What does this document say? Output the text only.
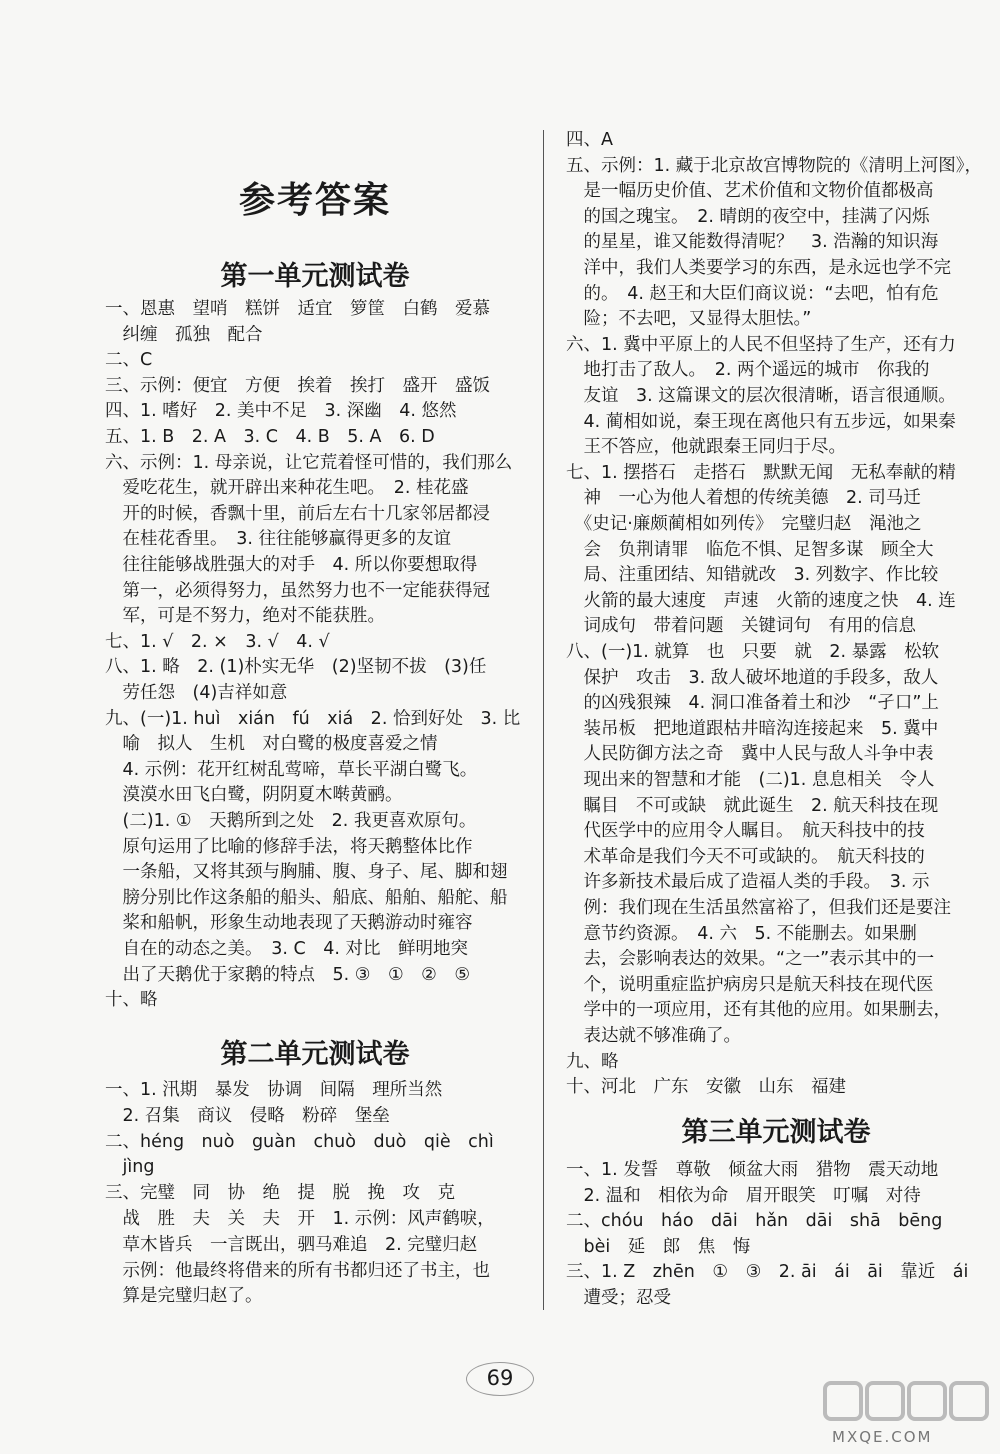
参考答案
第一单元测试卷
一、恩惠　望哨　糕饼　适宜　箩筐　白鹤　爱慕
　纠缠　孤独　配合
二、C
三、示例：便宜　方便　挨着　挨打　盛开　盛饭
四、1. 嗜好　2. 美中不足　3. 深幽　4. 悠然
五、1. B　2. A　3. C　4. B　5. A　6. D
六、示例：1. 母亲说，让它荒着怪可惜的，我们那么
　爱吃花生，就开辟出来种花生吧。　2. 桂花盛
　开的时候，香飘十里，前后左右十几家邻居都浸
　在桂花香里。　3. 往往能够赢得更多的友谊
　往往能够战胜强大的对手　4. 所以你要想取得
　第一，必须得努力，虽然努力也不一定能获得冠
　军，可是不努力，绝对不能获胜。
七、1. √　2. ×　3. √　4. √
八、1. 略　2. (1)朴实无华　(2)坚韧不拔　(3)任
　劳任怨　(4)吉祥如意
九、(一)1. huì　xián　fú　xiá　2. 恰到好处　3. 比
　喻　拟人　生机　对白鹭的极度喜爱之情
　4. 示例：花开红树乱莺啼，草长平湖白鹭飞。
　漠漠水田飞白鹭，阴阴夏木啭黄鹂。
　(二)1. ①　天鹅所到之处　2. 我更喜欢原句。
　原句运用了比喻的修辞手法，将天鹅整体比作
　一条船，又将其颈与胸脯、腹、身子、尾、脚和翅
　膀分别比作这条船的船头、船底、船舶、船舵、船
　桨和船帆，形象生动地表现了天鹅游动时雍容
　自在的动态之美。　3. C　4. 对比　鲜明地突
　出了天鹅优于家鹅的特点　5. ③　①　②　⑤
十、略
第二单元测试卷
一、1. 汛期　暴发　协调　间隔　理所当然
　2. 召集　商议　侵略　粉碎　堡垒
二、héng　nuò　guàn　chuò　duò　qiè　chì
　jìng
三、完璧　同　协　绝　提　脱　挽　攻　克
　战　胜　夫　关　夫　开　1. 示例：风声鹤唳，
　草木皆兵　一言既出，驷马难追　2. 完璧归赵
　示例：他最终将借来的所有书都归还了书主，也
　算是完璧归赵了。
四、A
五、示例：1. 藏于北京故宫博物院的《清明上河图》，
　是一幅历史价值、艺术价值和文物价值都极高
　的国之瑰宝。　2. 晴朗的夜空中，挂满了闪烁
　的星星，谁又能数得清呢？　3. 浩瀚的知识海
　洋中，我们人类要学习的东西，是永远也学不完
　的。　4. 赵王和大臣们商议说：“去吧，怕有危
　险；不去吧，又显得太胆怯。”
六、1. 冀中平原上的人民不但坚持了生产，还有力
　地打击了敌人。　2. 两个遥远的城市　你我的
　友谊　3. 这篇课文的层次很清晰，语言很通顺。
　4. 蔺相如说，秦王现在离他只有五步远，如果秦
　王不答应，他就跟秦王同归于尽。
七、1. 摆搭石　走搭石　默默无闻　无私奉献的精
　神　一心为他人着想的传统美德　2. 司马迁
　《史记·廉颇蔺相如列传》　完璧归赵　渑池之
　会　负荆请罪　临危不惧、足智多谋　顾全大
　局、注重团结、知错就改　3. 列数字、作比较
　火箭的最大速度　声速　火箭的速度之快　4. 连
　词成句　带着问题　关键词句　有用的信息
八、(一)1. 就算　也　只要　就　2. 暴露　松软
　保护　攻击　3. 敌人破坏地道的手段多，敌人
　的凶残狠辣　4. 洞口准备着土和沙　“孑口”上
　装吊板　把地道跟枯井暗沟连接起来　5. 冀中
　人民防御方法之奇　冀中人民与敌人斗争中表
　现出来的智慧和才能　(二)1. 息息相关　令人
　瞩目　不可或缺　就此诞生　2. 航天科技在现
　代医学中的应用令人瞩目。　航天科技中的技
　术革命是我们今天不可或缺的。　航天科技的
　许多新技术最后成了造福人类的手段。　3. 示
　例：我们现在生活虽然富裕了，但我们还是要注
　意节约资源。　4. 六　5. 不能删去。如果删
　去，会影响表达的效果。“之一”表示其中的一
　个，说明重症监护病房只是航天科技在现代医
　学中的一项应用，还有其他的应用。如果删去，
　表达就不够准确了。
九、略
十、河北　广东　安徽　山东　福建
第三单元测试卷
一、1. 发誓　尊敬　倾盆大雨　猎物　震天动地
　2. 温和　相依为命　眉开眼笑　叮嘱　对待
二、chóu　háo　dāi　hǎn　dāi　shā　bēng
　bèi　延　郎　焦　悔
三、1. Z　zhēn　①　③　2. āi　ái　āi　靠近　ái
　遭受；忍受
69
MXQE.COM
